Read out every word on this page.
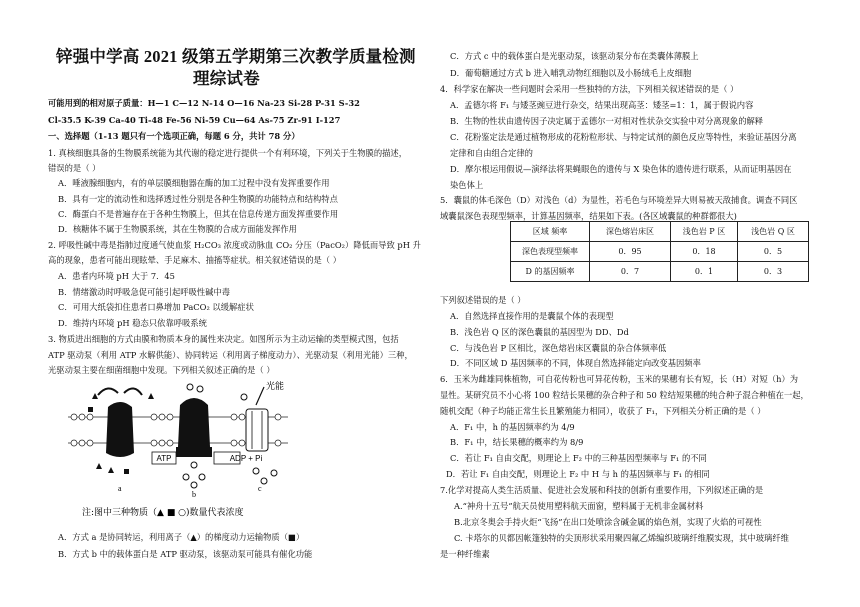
锌强中学高 2021 级第五学期第三次教学质量检测
理综试卷
可能用到的相对原子质量：H—1 C—12 N-14 O—16 Na-23 Si-28 P-31 S-32
Cl-35.5 K-39 Ca-40 Ti-48 Fe-56 Ni-59 Cu—64 As-75 Zr-91 I-127
一、选择题（1-13 题只有一个选项正确，每题 6 分，共计 78 分）
1. 真核细胞具备的生物膜系统能为其代谢的稳定进行提供一个有利环境，下列关于生物膜的描述，
错误的是（ ）
A．唾液腺细胞内，有的单层膜细胞器在酶的加工过程中没有发挥重要作用
B．具有一定的流动性和选择透过性分别是各种生物膜的功能特点和结构特点
C．酶蛋白不是普遍存在于各种生物膜上，但其在信息传递方面发挥重要作用
D．核糖体不属于生物膜系统，其在生物膜的合成方面能发挥作用
2. 呼吸性碱中毒是指肺过度通气使血浆 H₂CO₃ 浓度或动脉血 CO₂ 分压（PacO₂）降低而导致 pH 升
高的现象，患者可能出现眩晕、手足麻木、抽搐等症状。相关叙述错误的是（ ）
A．患者内环境 pH 大于 7．45
B．情绪激动时呼吸急促可能引起呼吸性碱中毒
C．可用大纸袋扣住患者口鼻增加 PaCO₂ 以缓解症状
D．维持内环境 pH 稳态只依靠呼吸系统
3. 物质进出细胞的方式由膜和物质本身的属性来决定。如图所示为主动运输的类型模式图，包括
ATP 驱动泵（利用 ATP 水解供能）、协同转运（利用离子梯度动力）、光驱动泵（利用光能）三种，
光驱动泵主要在细菌细胞中发现。下列相关叙述正确的是（ ）
ATP	ADP + Pi
光能
a
b
c
注:图中三种物质（▲ ■ ○)数量代表浓度
A．方式 a 是协同转运，利用离子（▲）的梯度动力运输物质（■）
B．方式 b 中的载体蛋白是 ATP 驱动泵，该驱动泵可能具有催化功能
C．方式 c 中的载体蛋白是光驱动泵，该驱动泵分布在类囊体薄膜上
D．葡萄糖通过方式 b 进入哺乳动物红细胞以及小肠绒毛上皮细胞
4．科学家在解决一些问题时会采用一些独特的方法，下列相关叙述错误的是（ ）
A．孟德尔将 F₁ 与矮茎豌豆进行杂交，结果出现高茎：矮茎=1：1，属于假说内容
B．生物的性状由遗传因子决定属于孟德尔一对相对性状杂交实验中对分离现象的解释
C．花粉鉴定法是通过植物形成的花粉粒形状、与特定试剂的颜色反应等特性，来验证基因分离
定律和自由组合定律的
D．摩尔根运用假说—演绎法将果蝇眼色的遗传与 X 染色体的遗传进行联系，从而证明基因在
染色体上
5．囊鼠的体毛深色（D）对浅色（d）为显性，若毛色与环境差异大则易被天敌捕食。调查不同区
域囊鼠深色表现型频率，计算基因频率，结果如下表。(各区域囊鼠的种群都很大)
区域 频率	深色熔岩床区	浅色岩 P 区	浅色岩 Q 区
深色表现型频率	0．95	0．18	0．5
D 的基因频率	0．7	0．1	0．3
下列叙述错误的是（ ）
A．自然选择直接作用的是囊鼠个体的表现型
B．浅色岩 Q 区的深色囊鼠的基因型为 DD、Dd
C．与浅色岩 P 区相比，深色熔岩床区囊鼠的杂合体频率低
D．不同区域 D 基因频率的不同，体现自然选择能定向改变基因频率
6．玉米为雌雄同株植物，可自花传粉也可异花传粉，玉米的果穗有长有短，长（H）对短（h）为
显性。某研究员不小心将 100 粒结长果穗的杂合种子和 50 粒结短果穗的纯合种子混合种植在一起，
随机交配（种子均能正常生长且繁殖能力相同），收获了 F₁，下列相关分析正确的是（ ）
A．F₁ 中，h 的基因频率约为 4/9
B．F₁ 中，结长果穗的概率约为 8/9
C．若让 F₁ 自由交配，则理论上 F₂ 中的三种基因型频率与 F₁ 的不同
D．若让 F₁ 自由交配，则理论上 F₂ 中 H 与 h 的基因频率与 F₁ 的相同
7.化学对提高人类生活质量、促进社会发展和科技的创新有重要作用，下列叙述正确的是
A.“神舟十五号”航天员使用塑料航天面窗，塑料属于无机非金属材料
B.北京冬奥会手持火炬“飞扬”在出口处喷涂含碱金属的焰色剂，实现了火焰的可视性
C. 卡塔尔的贝都因帐篷独特的尖顶形状采用聚四氟乙烯编织玻璃纤维膜实现，其中玻璃纤维
是一种纤维素
